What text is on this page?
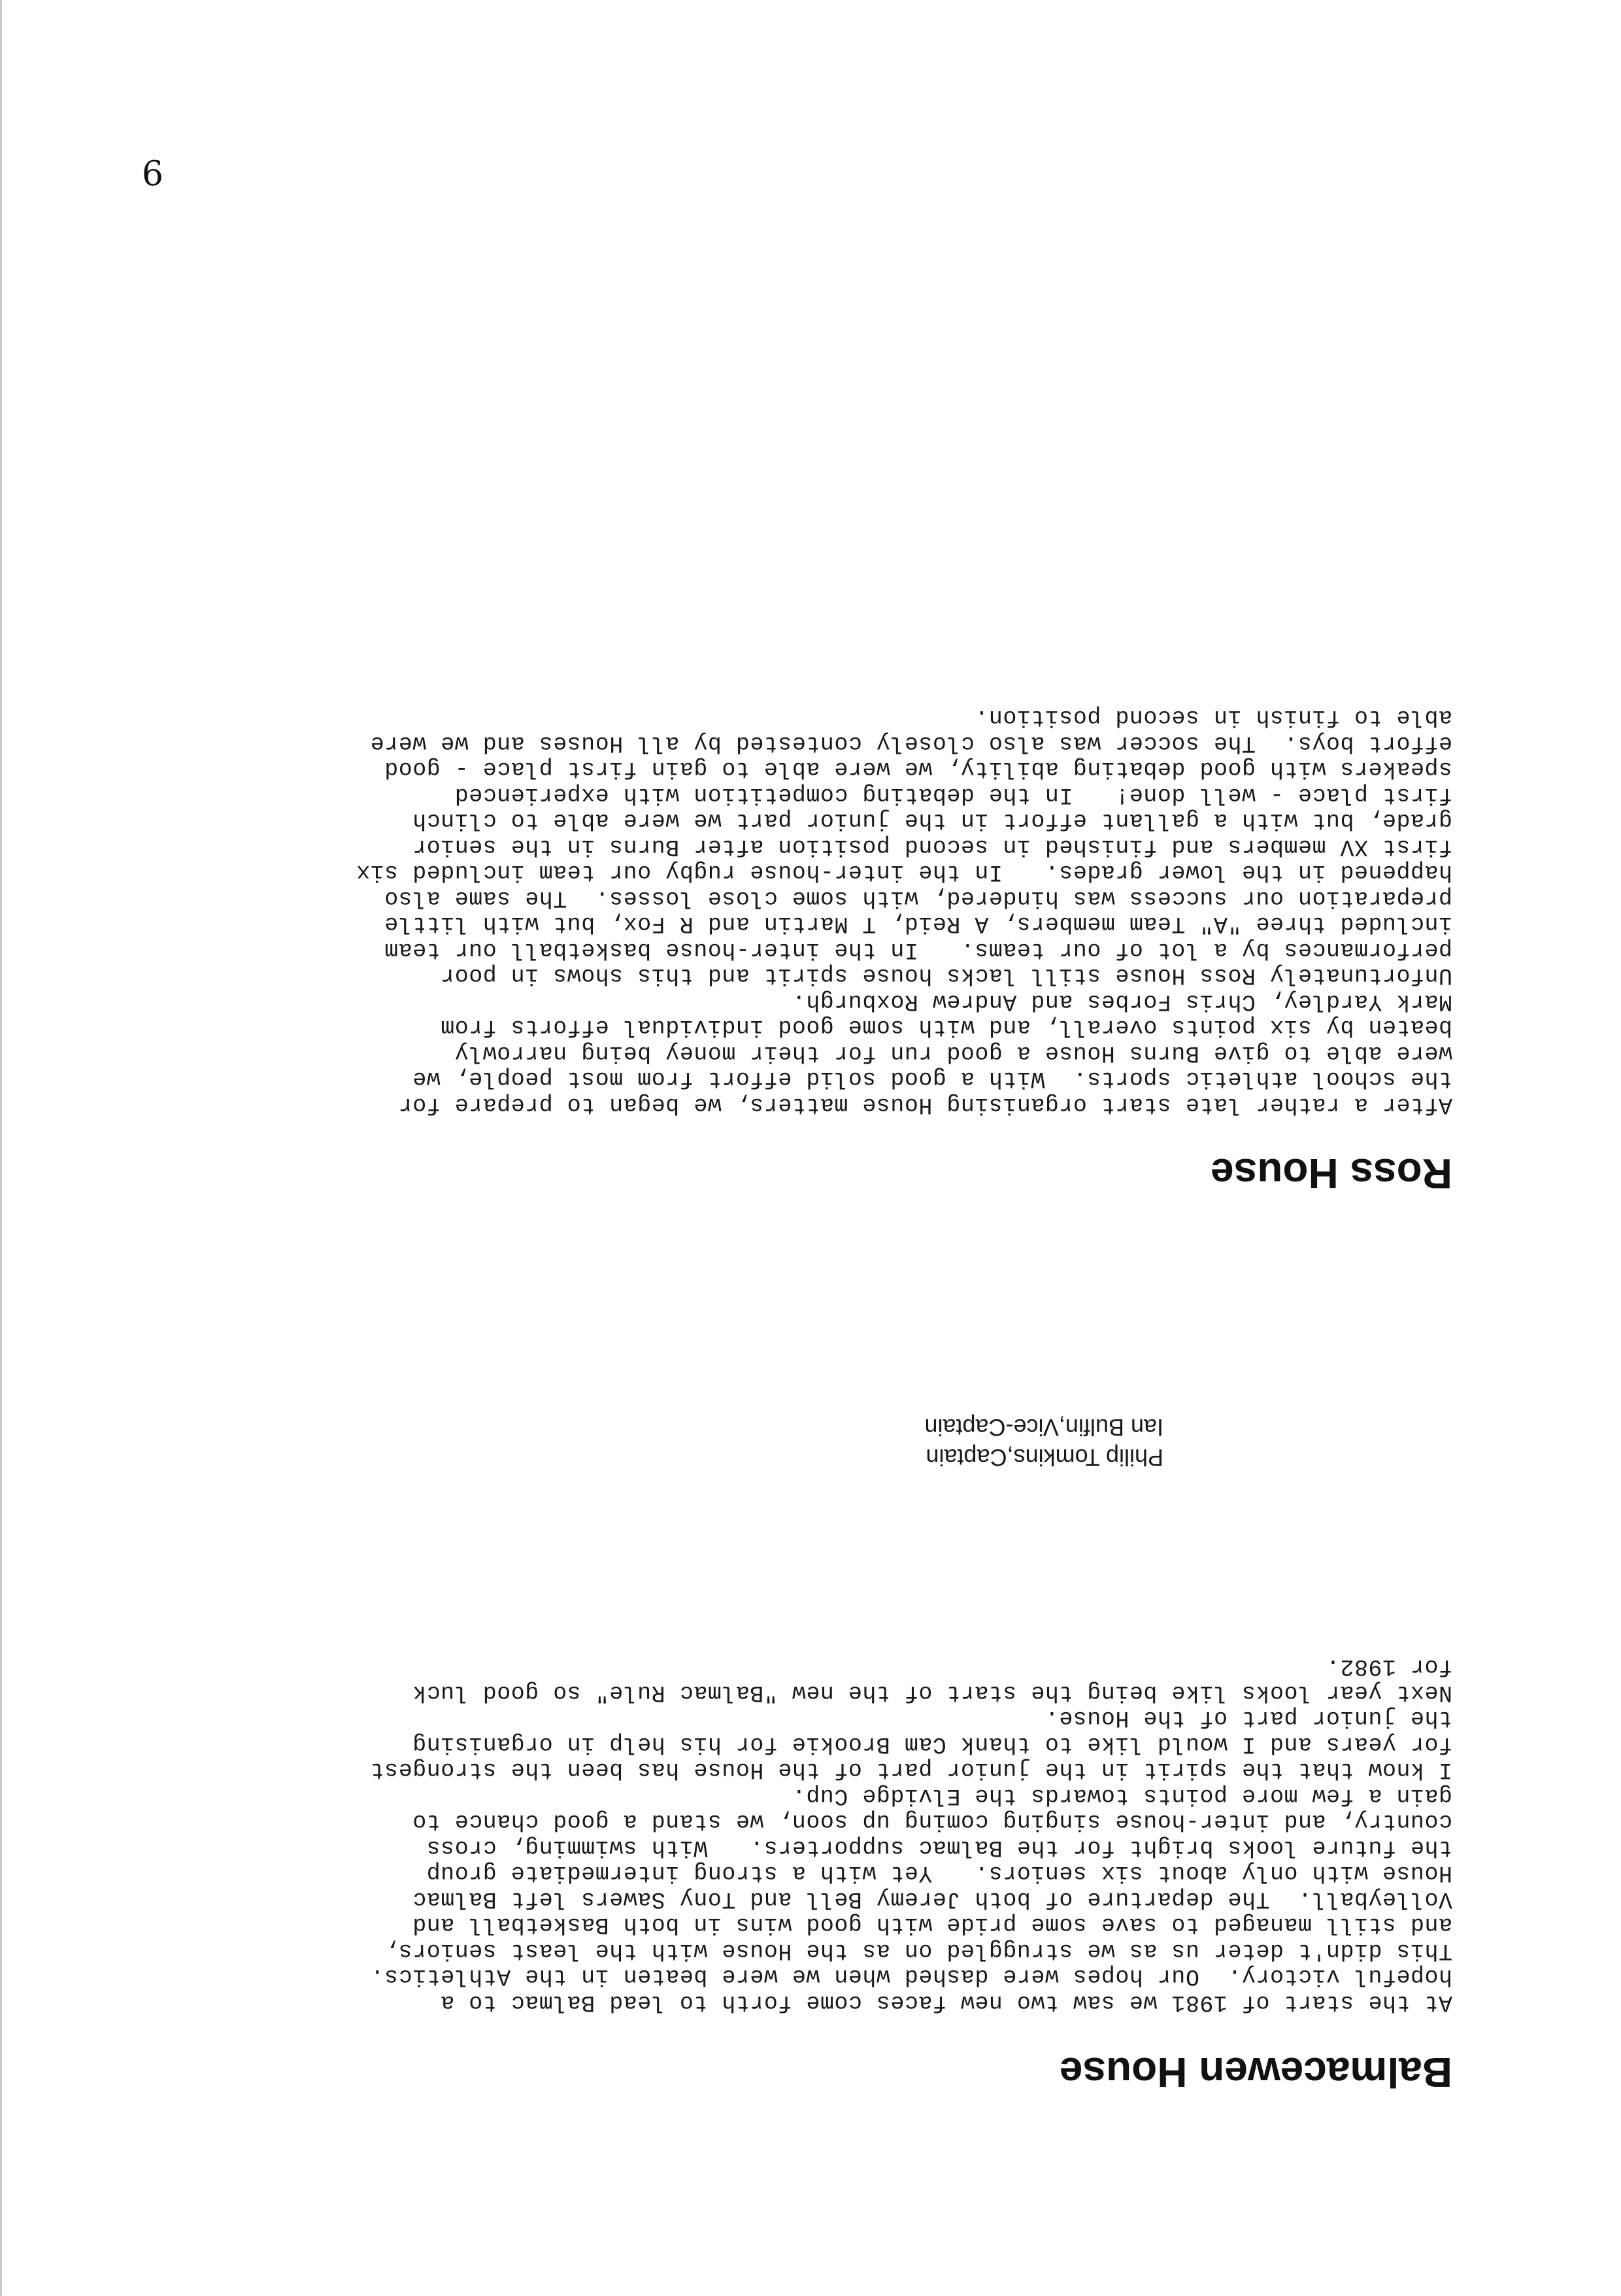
9
Balmacewen House

At the start of 1981 we saw two new faces come forth to lead Balmac to a

hopeful victory.  Our hopes were dashed when we were beaten in the Athletics.

This didn't deter us as we struggled on as the House with the least seniors,

and still managed to save some pride with good wins in both Basketball and

Volleyball.  The departure of both Jeremy Bell and Tony Sawers left Balmac

House with only about six seniors.   Yet with a strong intermediate group

the future looks bright for the Balmac supporters.   With swimming, cross

country, and inter-house singing coming up soon, we stand a good chance to

gain a few more points towards the Elvidge Cup.

I know that the spirit in the junior part of the House has been the strongest

for years and I would like to thank Cam Brookie for his help in organising

the junior part of the House.

Next year looks like being the start of the new "Balmac Rule" so good luck

for 1982.

Philip Tomkins,Captain
Ian Bulfin,Vice-Captain
Ross House

After a rather late start organising House matters, we began to prepare for

the school athletic sports.  With a good solid effort from most people, we

were able to give Burns House a good run for their money being narrowly

beaten by six points overall, and with some good individual efforts from

Mark Yardley, Chris Forbes and Andrew Roxburgh.

Unfortunately Ross House still lacks house spirit and this shows in poor

performances by a lot of our teams.   In the inter-house basketball our team

included three "A" Team members, A Reid, T Martin and R Fox, but with little

preparation our success was hindered, with some close losses.  The same also

happened in the lower grades.   In the inter-house rugby our team included six

first XV members and finished in second position after Burns in the senior

grade, but with a gallant effort in the junior part we were able to clinch

first place - well done!   In the debating competition with experienced

speakers with good debating ability, we were able to gain first place - good

effort boys.  The soccer was also closely contested by all Houses and we were

able to finish in second position.
